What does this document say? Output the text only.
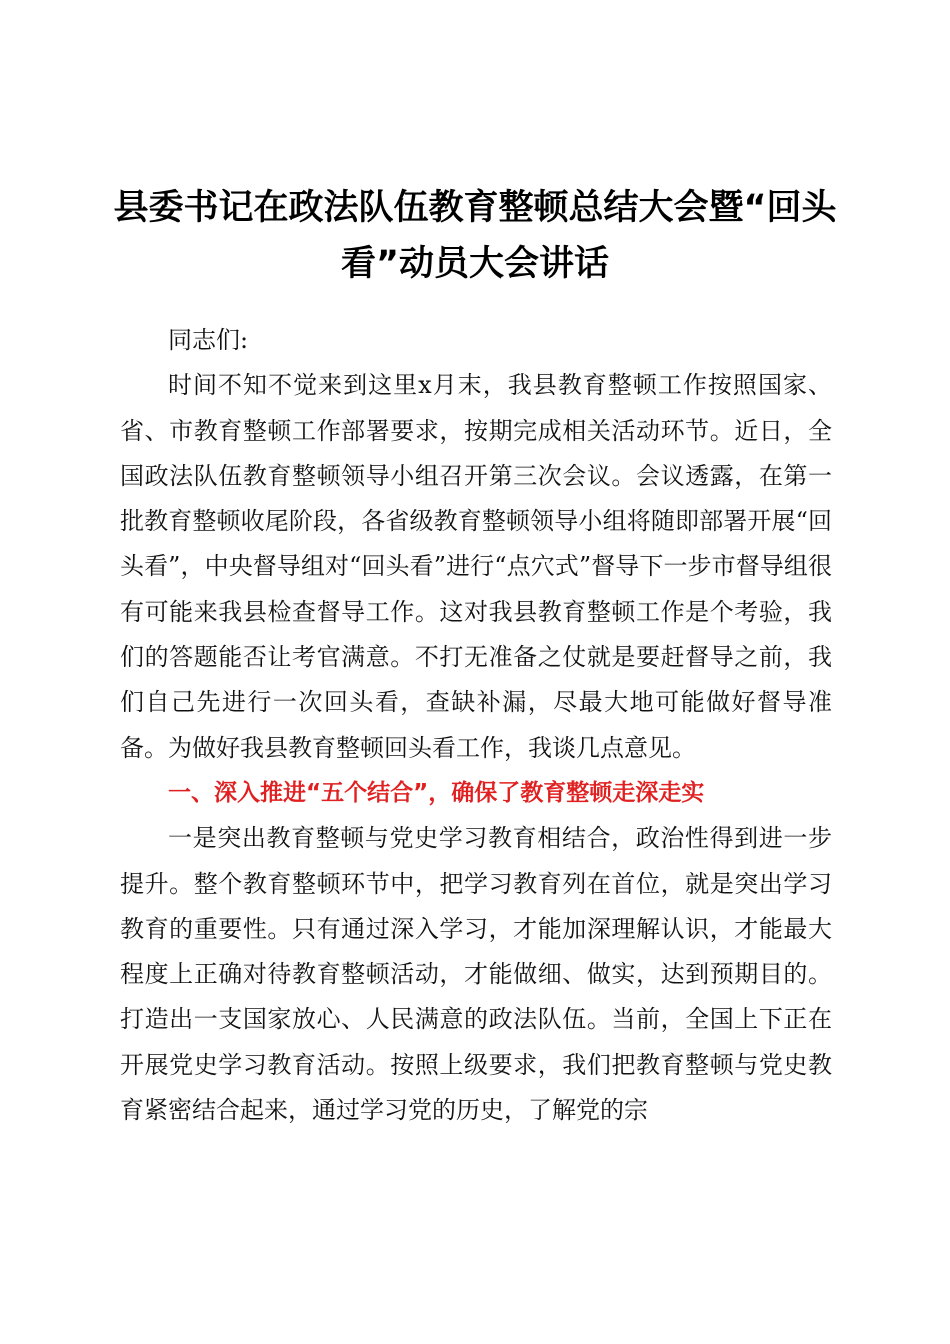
县委书记在政法队伍教育整顿总结大会暨“回头看”动员大会讲话

同志们:

时间不知不觉来到这里x月末，我县教育整顿工作按照国家、省、市教育整顿工作部署要求，按期完成相关活动环节。近日，全国政法队伍教育整顿领导小组召开第三次会议。会议透露，在第一批教育整顿收尾阶段，各省级教育整顿领导小组将随即部署开展“回头看”，中央督导组对“回头看”进行“点穴式”督导下一步市督导组很有可能来我县检查督导工作。这对我县教育整顿工作是个考验，我们的答题能否让考官满意。不打无准备之仗就是要赶督导之前，我们自己先进行一次回头看，查缺补漏，尽最大地可能做好督导准备。为做好我县教育整顿回头看工作，我谈几点意见。

一、深入推进“五个结合”，确保了教育整顿走深走实

一是突出教育整顿与党史学习教育相结合，政治性得到进一步提升。整个教育整顿环节中，把学习教育列在首位，就是突出学习教育的重要性。只有通过深入学习，才能加深理解认识，才能最大程度上正确对待教育整顿活动，才能做细、做实，达到预期目的。打造出一支国家放心、人民满意的政法队伍。当前，全国上下正在开展党史学习教育活动。按照上级要求，我们把教育整顿与党史教育紧密结合起来，通过学习党的历史，了解党的宗
